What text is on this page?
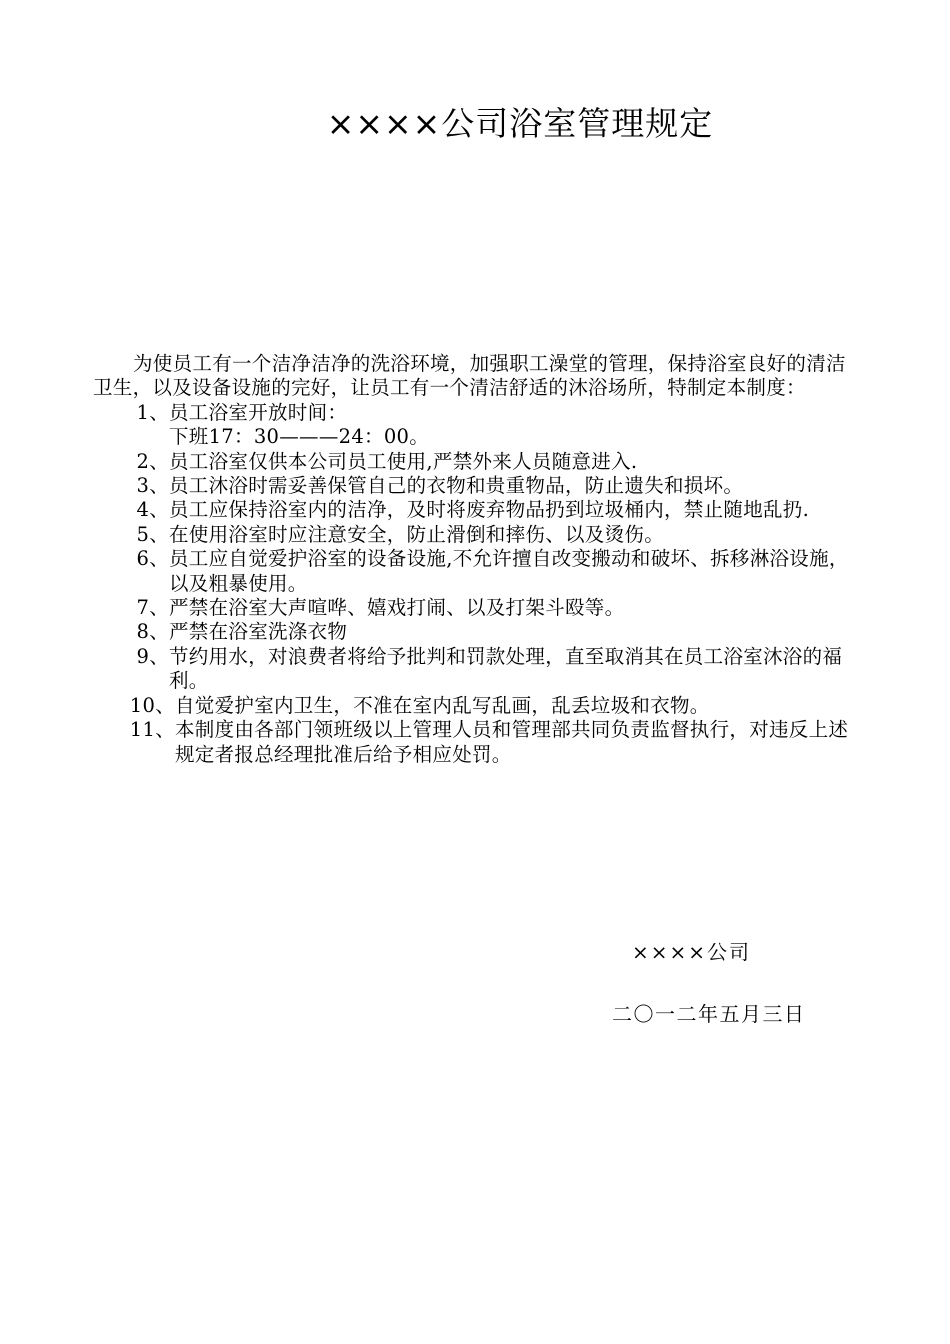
××××公司浴室管理规定

为使员工有一个洁净洁净的洗浴环境，加强职工澡堂的管理，保持浴室良好的清洁卫生，以及设备设施的完好，让员工有一个清洁舒适的沐浴场所，特制定本制度：

1、 员工浴室开放时间：
下班17：30———24：00。
2、 员工浴室仅供本公司员工使用,严禁外来人员随意进入.
3、 员工沐浴时需妥善保管自己的衣物和贵重物品，防止遗失和损坏。
4、 员工应保持浴室内的洁净，及时将废弃物品扔到垃圾桶内，禁止随地乱扔.
5、 在使用浴室时应注意安全，防止滑倒和摔伤、以及烫伤。
6、 员工应自觉爱护浴室的设备设施,不允许擅自改变搬动和破坏、拆移淋浴设施，以及粗暴使用。
7、 严禁在浴室大声喧哗、嬉戏打闹、以及打架斗殴等。
8、 严禁在浴室洗涤衣物
9、 节约用水，对浪费者将给予批判和罚款处理，直至取消其在员工浴室沐浴的福利。
10、 自觉爱护室内卫生，不准在室内乱写乱画，乱丢垃圾和衣物。
11、 本制度由各部门领班级以上管理人员和管理部共同负责监督执行，对违反上述规定者报总经理批准后给予相应处罚。
××××公司
二〇一二年五月三日
